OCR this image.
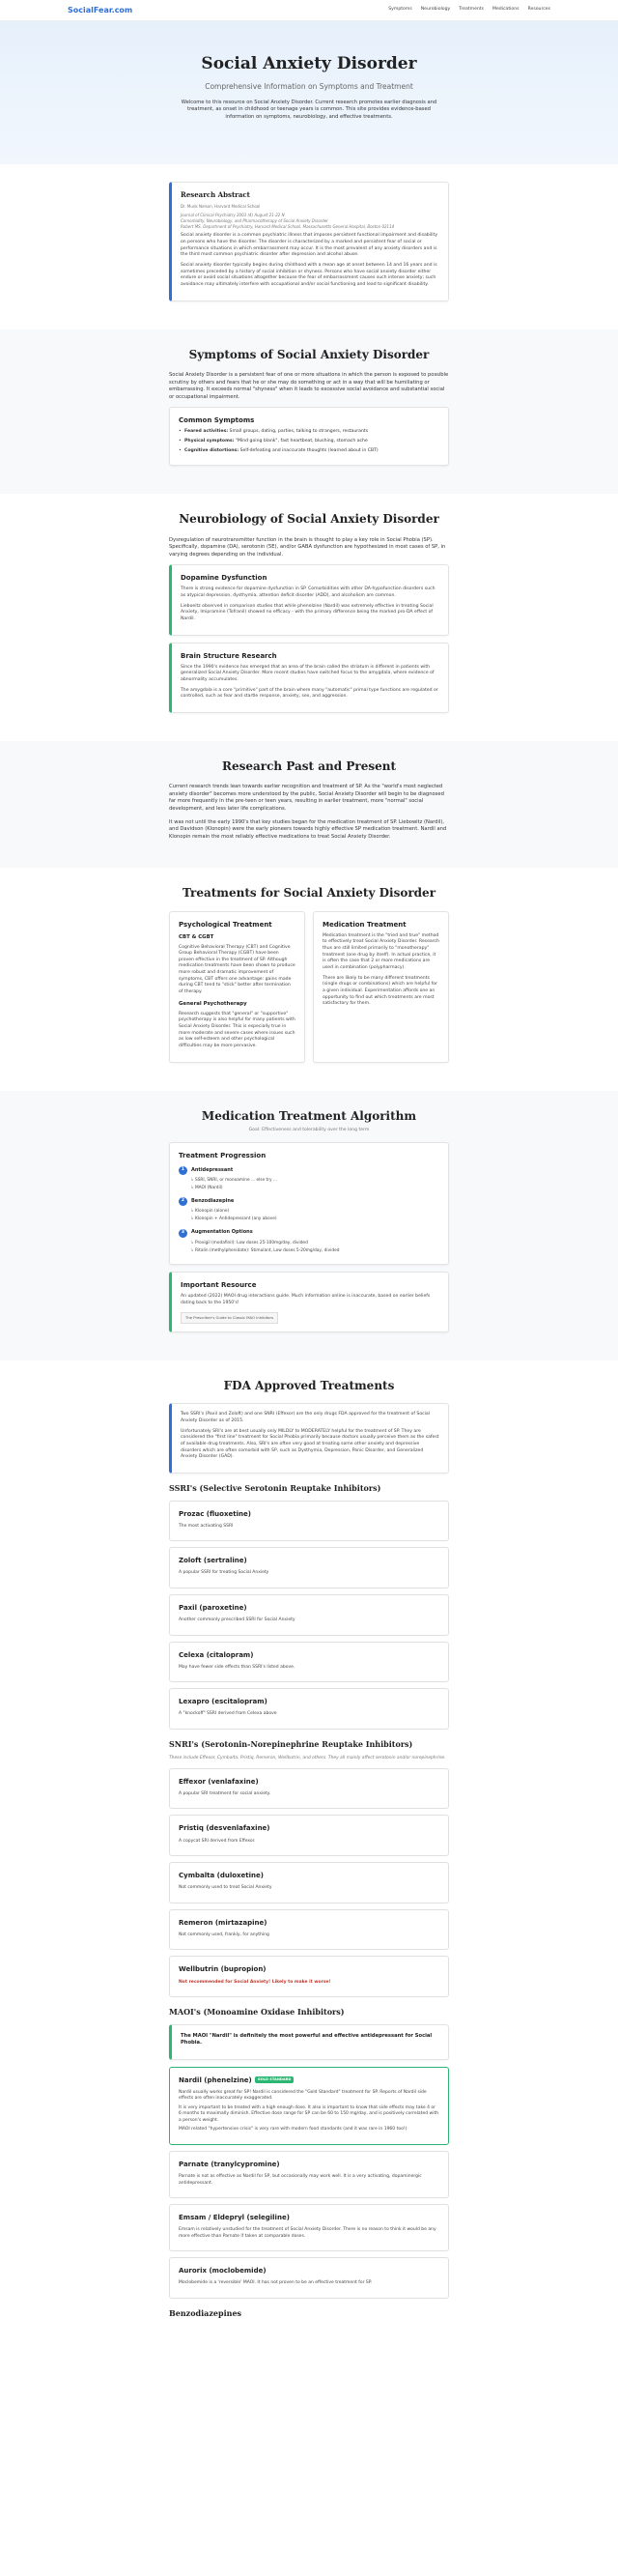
SocialFear.com	Symptoms Neurobiology Treatments Medications Resources
Social Anxiety Disorder
Comprehensive Information on Symptoms and Treatment

Welcome to this resource on Social Anxiety Disorder. Current research promotes earlier diagnosis and treatment, as onset in childhood or teenage years is common. This site provides evidence-based information on symptoms, neurobiology, and effective treatments.

Research Abstract
Dr. Munk Nelson, Harvard Medical School
Journal of Clinical Psychiatry 2003 (4) August 21-22 N
Comorbidity, Neurobiology, and Pharmacotherapy of Social Anxiety Disorder
Robert MS, Department of Psychiatry, Harvard Medical School, Massachusetts General Hospital, Boston 02114

Social anxiety disorder is a common psychiatric illness that imposes persistent functional impairment and disability on persons who have the disorder. The disorder is characterized by a marked and persistent fear of social or performance situations in which embarrassment may occur. It is the most prevalent of any anxiety disorders and is the third most common psychiatric disorder after depression and alcohol abuse.

Social anxiety disorder typically begins during childhood with a mean age at onset between 14 and 16 years and is sometimes preceded by a history of social inhibition or shyness. Persons who have social anxiety disorder either endure or avoid social situations altogether because the fear of embarrassment causes such intense anxiety; such avoidance may ultimately interfere with occupational and/or social functioning and lead to significant disability.

Symptoms of Social Anxiety Disorder

Social Anxiety Disorder is a persistent fear of one or more situations in which the person is exposed to possible scrutiny by others and fears that he or she may do something or act in a way that will be humiliating or embarrassing. It exceeds normal "shyness" when it leads to excessive social avoidance and substantial social or occupational impairment.

Common Symptoms
• Feared activities: Small groups, dating, parties, talking to strangers, restaurants
• Physical symptoms: "Mind going blank", fast heartbeat, blushing, stomach ache
• Cognitive distortions: Self-defeating and inaccurate thoughts (learned about in CBT)
Neurobiology of Social Anxiety Disorder

Dysregulation of neurotransmitter function in the brain is thought to play a key role in Social Phobia (SP). Specifically, dopamine (DA), serotonin (5E), and/or GABA dysfunction are hypothesized in most cases of SP, in varying degrees depending on the individual.

Dopamine Dysfunction

There is strong evidence for dopamine dysfunction in SP. Comorbidities with other DA-hypofunction disorders such as atypical depression, dysthymia, attention deficit disorder (ADD), and alcoholism are common.

Lieboeitz observed in comparison studies that while phenelzine (Nardil) was extremely effective in treating Social Anxiety, Imipramine (Tofranil) showed no efficacy - with the primary difference being the marked pro-DA effect of Nardil.

Brain Structure Research

Since the 1990's evidence has emerged that an area of the brain called the striatum is different in patients with generalized Social Anxiety Disorder. More recent studies have switched focus to the amygdala, where evidence of abnormality accumulates.

The amygdala is a core "primitive" part of the brain where many "automatic" primal type functions are regulated or controlled, such as fear and startle response, anxiety, sex, and aggression.

Research Past and Present

Current research trends lean towards earlier recognition and treatment of SP. As the "world's most neglected anxiety disorder" becomes more understood by the public, Social Anxiety Disorder will begin to be diagnosed far more frequently in the pre-teen or teen years, resulting in earlier treatment, more "normal" social development, and less later life complications.

It was not until the early 1990's that key studies began for the medication treatment of SP. Liebowitz (Nardil), and Davidson (Klonopin) were the early pioneers towards highly effective SP medication treatment. Nardil and Klonopin remain the most reliably effective medications to treat Social Anxiety Disorder.

Treatments for Social Anxiety Disorder
Psychological Treatment
CBT & CGBT

Cognitive Behavioral Therapy (CBT) and Cognitive Group Behavioral Therapy (CGBT) have been proven effective in the treatment of SP. Although medication treatments have been shown to produce more robust and dramatic improvement of symptoms, CBT offers one advantage: gains made during CBT tend to "stick" better after termination of therapy.

General Psychotherapy

Research suggests that "general" or "supportive" psychotherapy is also helpful for many patients with Social Anxiety Disorder. This is especially true in more moderate and severe cases where issues such as low self-esteem and other psychological difficulties may be more pervasive.

Medication Treatment

Medication treatment is the "tried and true" method to effectively treat Social Anxiety Disorder. Research thus are still limited primarily to "monotherapy" treatment (one drug by itself). In actual practice, it is often the case that 2 or more medications are used in combination (polypharmacy).

There are likely to be many different treatments (single drugs or combinations) which are helpful for a given individual. Experimentation affords one an opportunity to find out which treatments are most satisfactory for them.

Medication Treatment Algorithm
Goal: Effectiveness and tolerability over the long term
Treatment Progression
1	Antidepressant
↳ SSRI, SNRI, or monoamine ... else try ...
↳ MAOI (Nardil)
2	Benzodiazepine
↳ Klonopin (alone)
↳ Klonopin + Antidepressant (any above)
3	Augmentation Options
↳ Provigil (modafinil): Low doses 25-100mg/day, divided
↳ Ritalin (methylphenidate): Stimulant, Low doses 5-20mg/day, divided
Important Resource

An updated (2022) MAOI drug interactions guide. Much information online is inaccurate, based on earlier beliefs dating back to the 1950's!

The Prescriber's Guide to Classic MAO Inhibitors
FDA Approved Treatments

Two SSRI's (Paxil and Zoloft) and one SNRI (Effexor) are the only drugs FDA approved for the treatment of Social Anxiety Disorder as of 2015.

Unfortunately SRI's are at best usually only MILDLY to MODERATELY helpful for the treatment of SP. They are considered the "first line" treatment for Social Phobia primarily because doctors usually perceive them as the safest of available drug treatments. Also, SRI's are often very good at treating some other anxiety and depressive disorders which are often comorbid with SP, such as Dysthymia, Depression, Panic Disorder, and Generalized Anxiety Disorder (GAD).

SSRI's (Selective Serotonin Reuptake Inhibitors)
Prozac (fluoxetine)

The most activating SSRI

Zoloft (sertraline)

A popular SSRI for treating Social Anxiety

Paxil (paroxetine)

Another commonly prescribed SSRI for Social Anxiety

Celexa (citalopram)

May have fewer side effects than SSRI's listed above.

Lexapro (escitalopram)

A "knockoff" SSRI derived from Celexa above

SNRI's (Serotonin-Norepinephrine Reuptake Inhibitors)
These include Effexor, Cymbalta, Pristiq, Remeron, Wellbutrin, and others. They all mainly affect serotonin and/or norepinephrine.
Effexor (venlafaxine)

A popular SRI treatment for social anxiety.

Pristiq (desvenlafaxine)

A copycat SRI derived from Effexor.

Cymbalta (duloxetine)

Not commonly used to treat Social Anxiety

Remeron (mirtazapine)

Not commonly used, frankly, for anything

Wellbutrin (bupropion)

Not recommended for Social Anxiety! Likely to make it worse!

MAOI's (Monoamine Oxidase Inhibitors)

The MAOI "Nardil" is definitely the most powerful and effective antidepressant for Social Phobia.

Nardil (phenelzine) GOLD STANDARD

Nardil usually works great for SP! Nardil is considered the "Gold Standard" treatment for SP. Reports of Nardil side effects are often inaccurately exaggerated.

It is very important to be treated with a high enough dose. It also is important to know that side effects may take 4 or 6 months to maximally diminish. Effective dose range for SP can be 60 to 150 mg/day, and is positively correlated with a person's weight.

MAOI related "hypertensive crisis" is very rare with modern food standards (and it was rare in 1960 too!)

Parnate (tranylcypromine)

Parnate is not as effective as Nardil for SP, but occasionally may work well. It is a very activating, dopaminergic antidepressant.

Emsam / Eldepryl (selegiline)

Emsam is relatively unstudied for the treatment of Social Anxiety Disorder. There is no reason to think it would be any more effective than Parnate if taken at comparable doses.

Aurorix (moclobemide)

Moclobemide is a 'reversible' MAOI. It has not proven to be an effective treatment for SP.

Benzodiazepines
